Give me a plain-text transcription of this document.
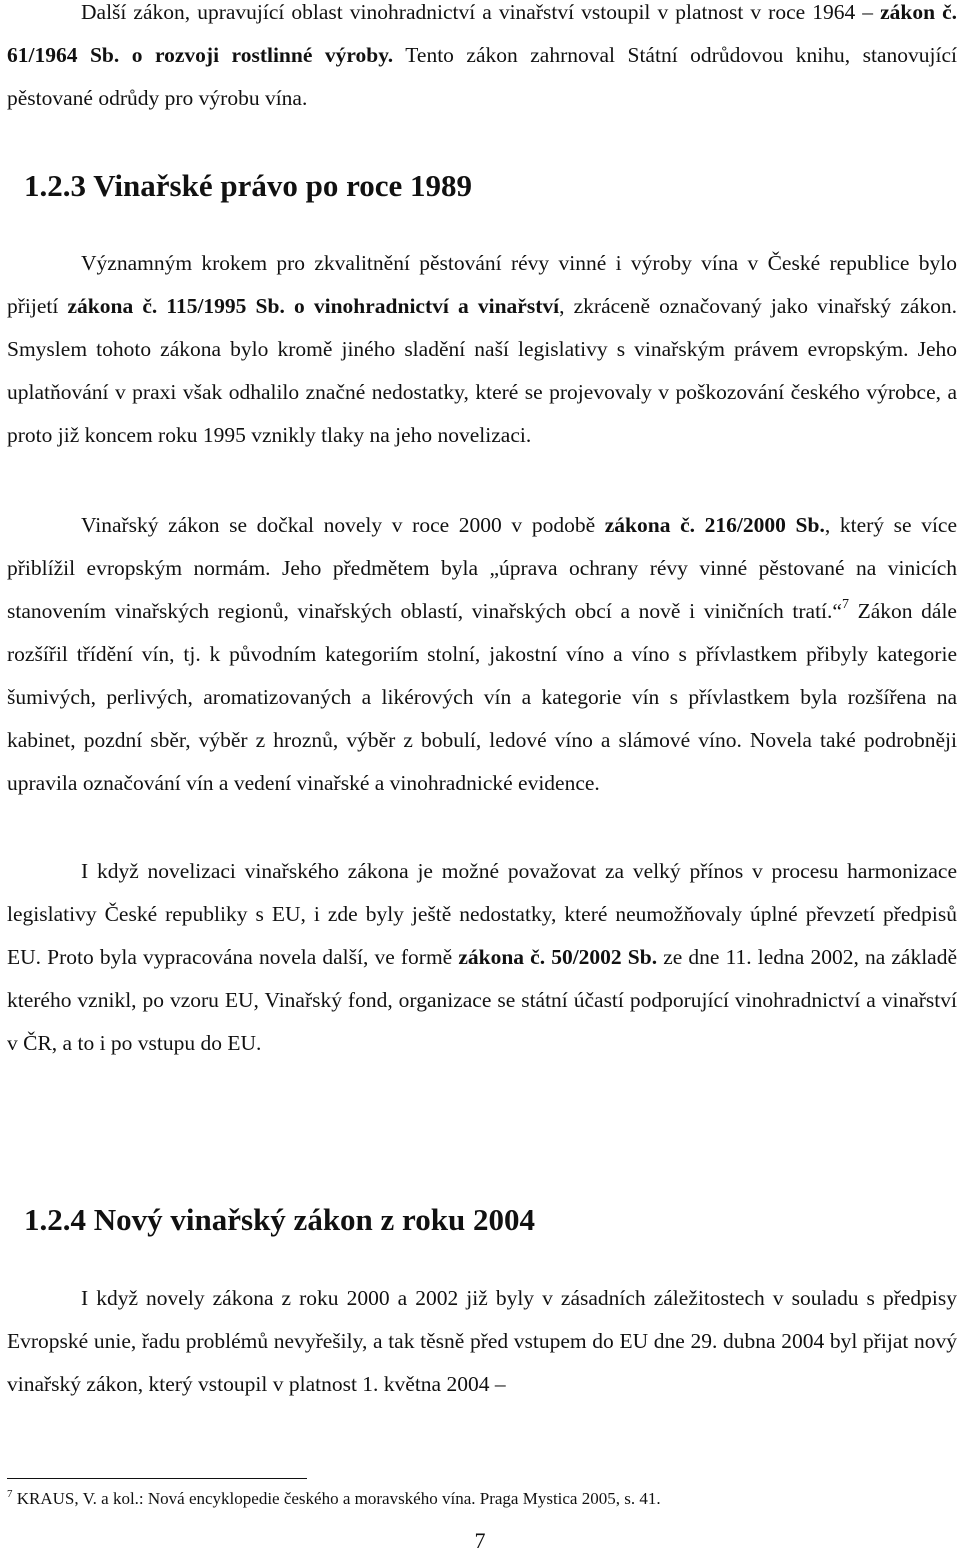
Další zákon, upravující oblast vinohradnictví a vinařství vstoupil v platnost v roce 1964 – zákon č. 61/1964 Sb. o rozvoji rostlinné výroby. Tento zákon zahrnoval Státní odrůdovou knihu, stanovující pěstované odrůdy pro výrobu vína.

1.2.3 Vinařské právo po roce 1989

Významným krokem pro zkvalitnění pěstování révy vinné i výroby vína v České republice bylo přijetí zákona č. 115/1995 Sb. o vinohradnictví a vinařství, zkráceně označovaný jako vinařský zákon. Smyslem tohoto zákona bylo kromě jiného sladění naší legislativy s vinařským právem evropským. Jeho uplatňování v praxi však odhalilo značné nedostatky, které se projevovaly v poškozování českého výrobce, a proto již koncem roku 1995 vznikly tlaky na jeho novelizaci.

Vinařský zákon se dočkal novely v roce 2000 v podobě zákona č. 216/2000 Sb., který se více přiblížil evropským normám. Jeho předmětem byla „úprava ochrany révy vinné pěstované na vinicích stanovením vinařských regionů, vinařských oblastí, vinařských obcí a nově i viničních tratí.“$^7$ Zákon dále rozšířil třídění vín, tj. k původním kategoriím stolní, jakostní víno a víno s přívlastkem přibyly kategorie šumivých, perlivých, aromatizovaných a likérových vín a kategorie vín s přívlastkem byla rozšířena na kabinet, pozdní sběr, výběr z hroznů, výběr z bobulí, ledové víno a slámové víno. Novela také podrobněji upravila označování vín a vedení vinařské a vinohradnické evidence.

I když novelizaci vinařského zákona je možné považovat za velký přínos v procesu harmonizace legislativy České republiky s EU, i zde byly ještě nedostatky, které neumožňovaly úplné převzetí předpisů EU. Proto byla vypracována novela další, ve formě zákona č. 50/2002 Sb. ze dne 11. ledna 2002, na základě kterého vznikl, po vzoru EU, Vinařský fond, organizace se státní účastí podporující vinohradnictví a vinařství v ČR, a to i po vstupu do EU.

1.2.4 Nový vinařský zákon z roku 2004

I když novely zákona z roku 2000 a 2002 již byly v zásadních záležitostech v souladu s předpisy Evropské unie, řadu problémů nevyřešily, a tak těsně před vstupem do EU dne 29. dubna 2004 byl přijat nový vinařský zákon, který vstoupil v platnost 1. května 2004 –

$^7$ KRAUS, V. a kol.: Nová encyklopedie českého a moravského vína. Praga Mystica 2005, s. 41.
7
